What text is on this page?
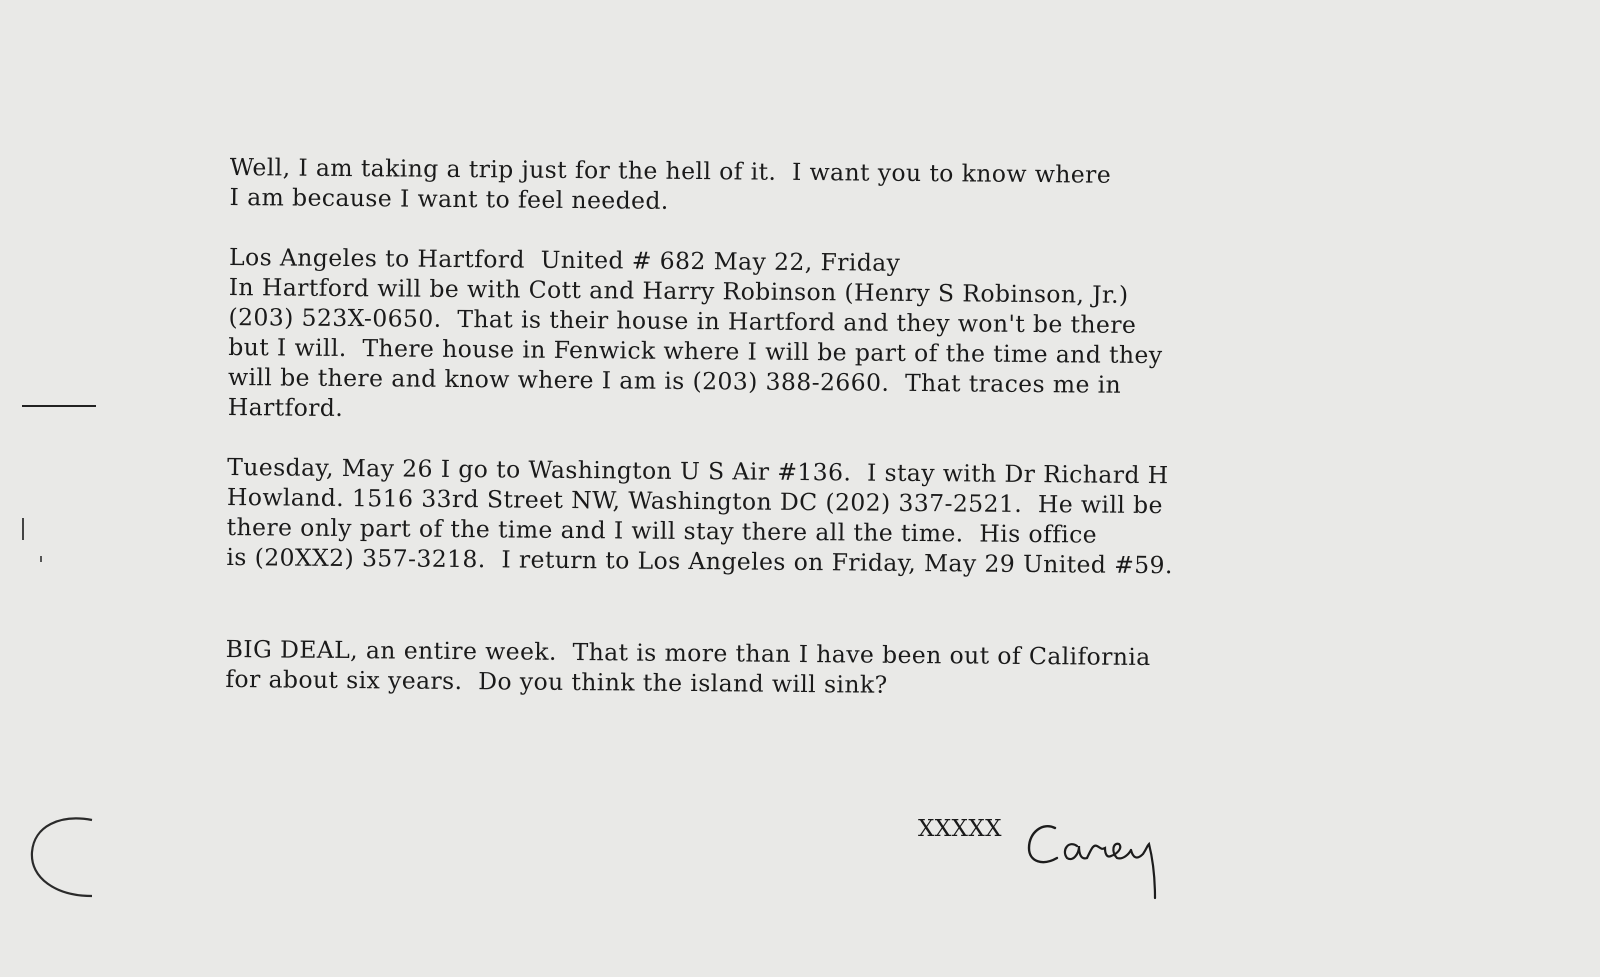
Well, I am taking a trip just for the hell of it.  I want you to know where
I am because I want to feel needed.
Los Angeles to Hartford  United # 682 May 22, Friday
In Hartford will be with Cott and Harry Robinson (Henry S Robinson, Jr.)
(203) 523X-0650.  That is their house in Hartford and they won't be there
but I will.  There house in Fenwick where I will be part of the time and they
will be there and know where I am is (203) 388-2660.  That traces me in
Hartford.
Tuesday, May 26 I go to Washington U S Air #136.  I stay with Dr Richard H
Howland. 1516 33rd Street NW, Washington DC (202) 337-2521.  He will be
there only part of the time and I will stay there all the time.  His office
is (20XX2) 357-3218.  I return to Los Angeles on Friday, May 29 United #59.
BIG DEAL, an entire week.  That is more than I have been out of California
for about six years.  Do you think the island will sink?
XXXXX
